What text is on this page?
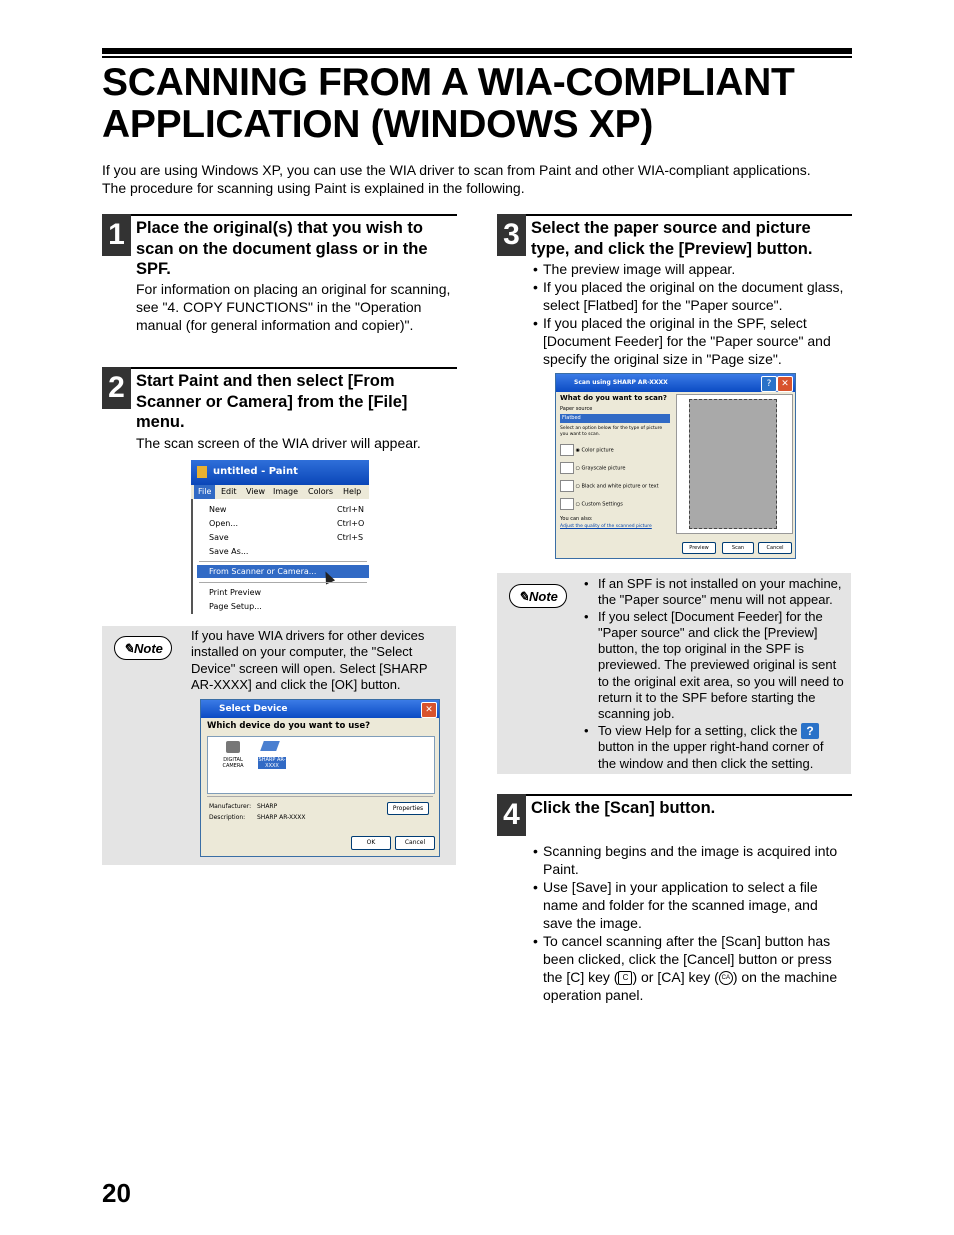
SCANNING FROM A WIA-COMPLIANT
APPLICATION (WINDOWS XP)
If you are using Windows XP, you can use the WIA driver to scan from Paint and other WIA-compliant applications.
The procedure for scanning using Paint is explained in the following.
1 Place the original(s) that you wish to scan on the document glass or in the SPF.
For information on placing an original for scanning, see "4. COPY FUNCTIONS" in the "Operation manual (for general information and copier)".
2 Start Paint and then select [From Scanner or Camera] from the [File] menu.
The scan screen of the WIA driver will appear.
untitled - Paint
File	Edit View Image Colors Help
New	Ctrl+N
Open...	Ctrl+O
Save	Ctrl+S
Save As...
From Scanner or Camera...
Print Preview
Page Setup...
✎Note
If you have WIA drivers for other devices installed on your computer, the "Select Device" screen will open. Select [SHARP AR-XXXX] and click the [OK] button.
Select Device	✕
Which device do you want to use?
DIGITAL CAMERA
SHARP AR-XXXX
Manufacturer: SHARP
Description: SHARP AR-XXXX
Properties
OK	Cancel
3 Select the paper source and picture type, and click the [Preview] button.
• The preview image will appear.
• If you placed the original on the document glass, select [Flatbed] for the "Paper source".
• If you placed the original in the SPF, select [Document Feeder] for the "Paper source" and specify the original size in "Page size".
Scan using SHARP AR-XXXX	✕
?
What do you want to scan?
Paper source
Flatbed
Select an option below for the type of picture you want to scan.
◉ Color picture
○ Grayscale picture
○ Black and white picture or text
○ Custom Settings
You can also:
Adjust the quality of the scanned picture
Preview	Scan	Cancel
✎Note
• If an SPF is not installed on your machine, the "Paper source" menu will not appear.
• If you select [Document Feeder] for the "Paper source" and click the [Preview] button, the top original in the SPF is previewed. The previewed original is sent to the original exit area, so you will need to return it to the SPF before starting the scanning job.
• To view Help for a setting, click the ? button in the upper right-hand corner of the window and then click the setting.
4 Click the [Scan] button.
• Scanning begins and the image is acquired into Paint.
• Use [Save] in your application to select a file name and folder for the scanned image, and save the image.
• To cancel scanning after the [Scan] button has been clicked, click the [Cancel] button or press the [C] key ( C ) or [CA] key ( CA ) on the machine operation panel.
20
